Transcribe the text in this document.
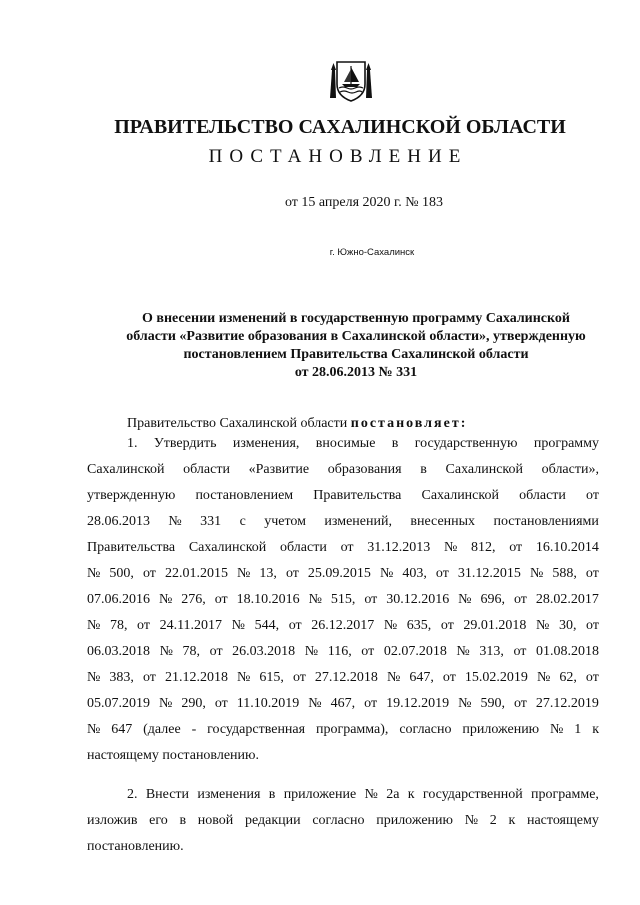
ПРАВИТЕЛЬСТВО САХАЛИНСКОЙ ОБЛАСТИ
ПОСТАНОВЛЕНИЕ
от 15 апреля 2020 г. № 183
г. Южно-Сахалинск
О внесении изменений в государственную программу Сахалинской
области «Развитие образования в Сахалинской области», утвержденную
постановлением Правительства Сахалинской области
от 28.06.2013 № 331
Правительство Сахалинской области постановляет:
1. Утвердить изменения, вносимые в государственную программу
Сахалинской области «Развитие образования в Сахалинской области»,
утвержденную постановлением Правительства Сахалинской области от
28.06.2013 № 331 с учетом изменений, внесенных постановлениями
Правительства Сахалинской области от 31.12.2013 № 812, от 16.10.2014
№ 500, от 22.01.2015 № 13, от 25.09.2015 № 403, от 31.12.2015 № 588, от
07.06.2016 № 276, от 18.10.2016 № 515, от 30.12.2016 № 696, от 28.02.2017
№ 78, от 24.11.2017 № 544, от 26.12.2017 № 635, от 29.01.2018 № 30, от
06.03.2018 № 78, от 26.03.2018 № 116, от 02.07.2018 № 313, от 01.08.2018
№ 383, от 21.12.2018 № 615, от 27.12.2018 № 647, от 15.02.2019 № 62, от
05.07.2019 № 290, от 11.10.2019 № 467, от 19.12.2019 № 590, от 27.12.2019
№ 647 (далее - государственная программа), согласно приложению № 1 к
настоящему постановлению.
2. Внести изменения в приложение № 2а к государственной программе,
изложив его в новой редакции согласно приложению № 2 к настоящему
постановлению.
